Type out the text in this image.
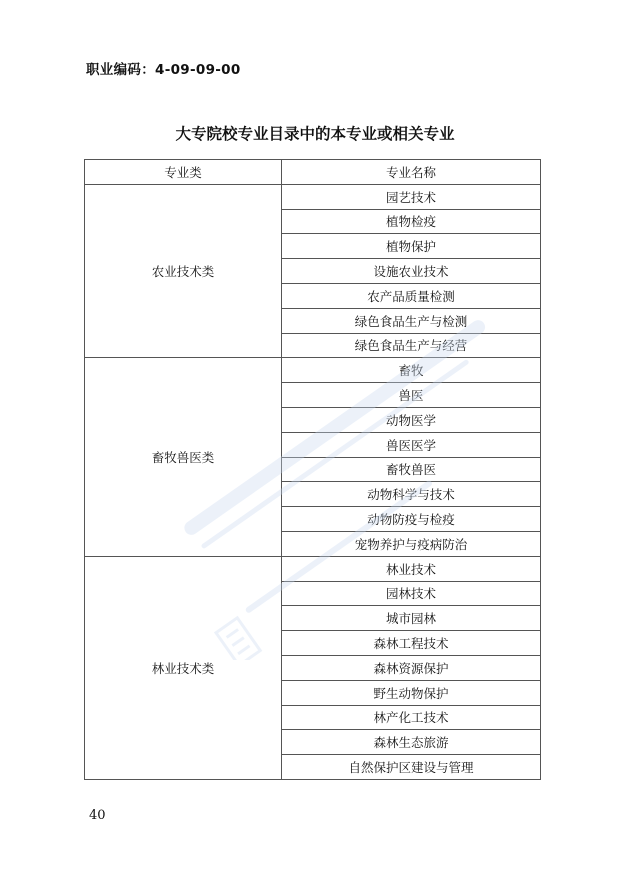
职业编码：4-09-09-00
大专院校专业目录中的本专业或相关专业
专业类	专业名称
农业技术类	园艺技术
	植物检疫
	植物保护
	设施农业技术
	农产品质量检测
	绿色食品生产与检测
	绿色食品生产与经营
畜牧兽医类	畜牧
	兽医
	动物医学
	兽医医学
	畜牧兽医
	动物科学与技术
	动物防疫与检疫
	宠物养护与疫病防治
林业技术类	林业技术
	园林技术
	城市园林
	森林工程技术
	森林资源保护
	野生动物保护
	林产化工技术
	森林生态旅游
	自然保护区建设与管理
40
